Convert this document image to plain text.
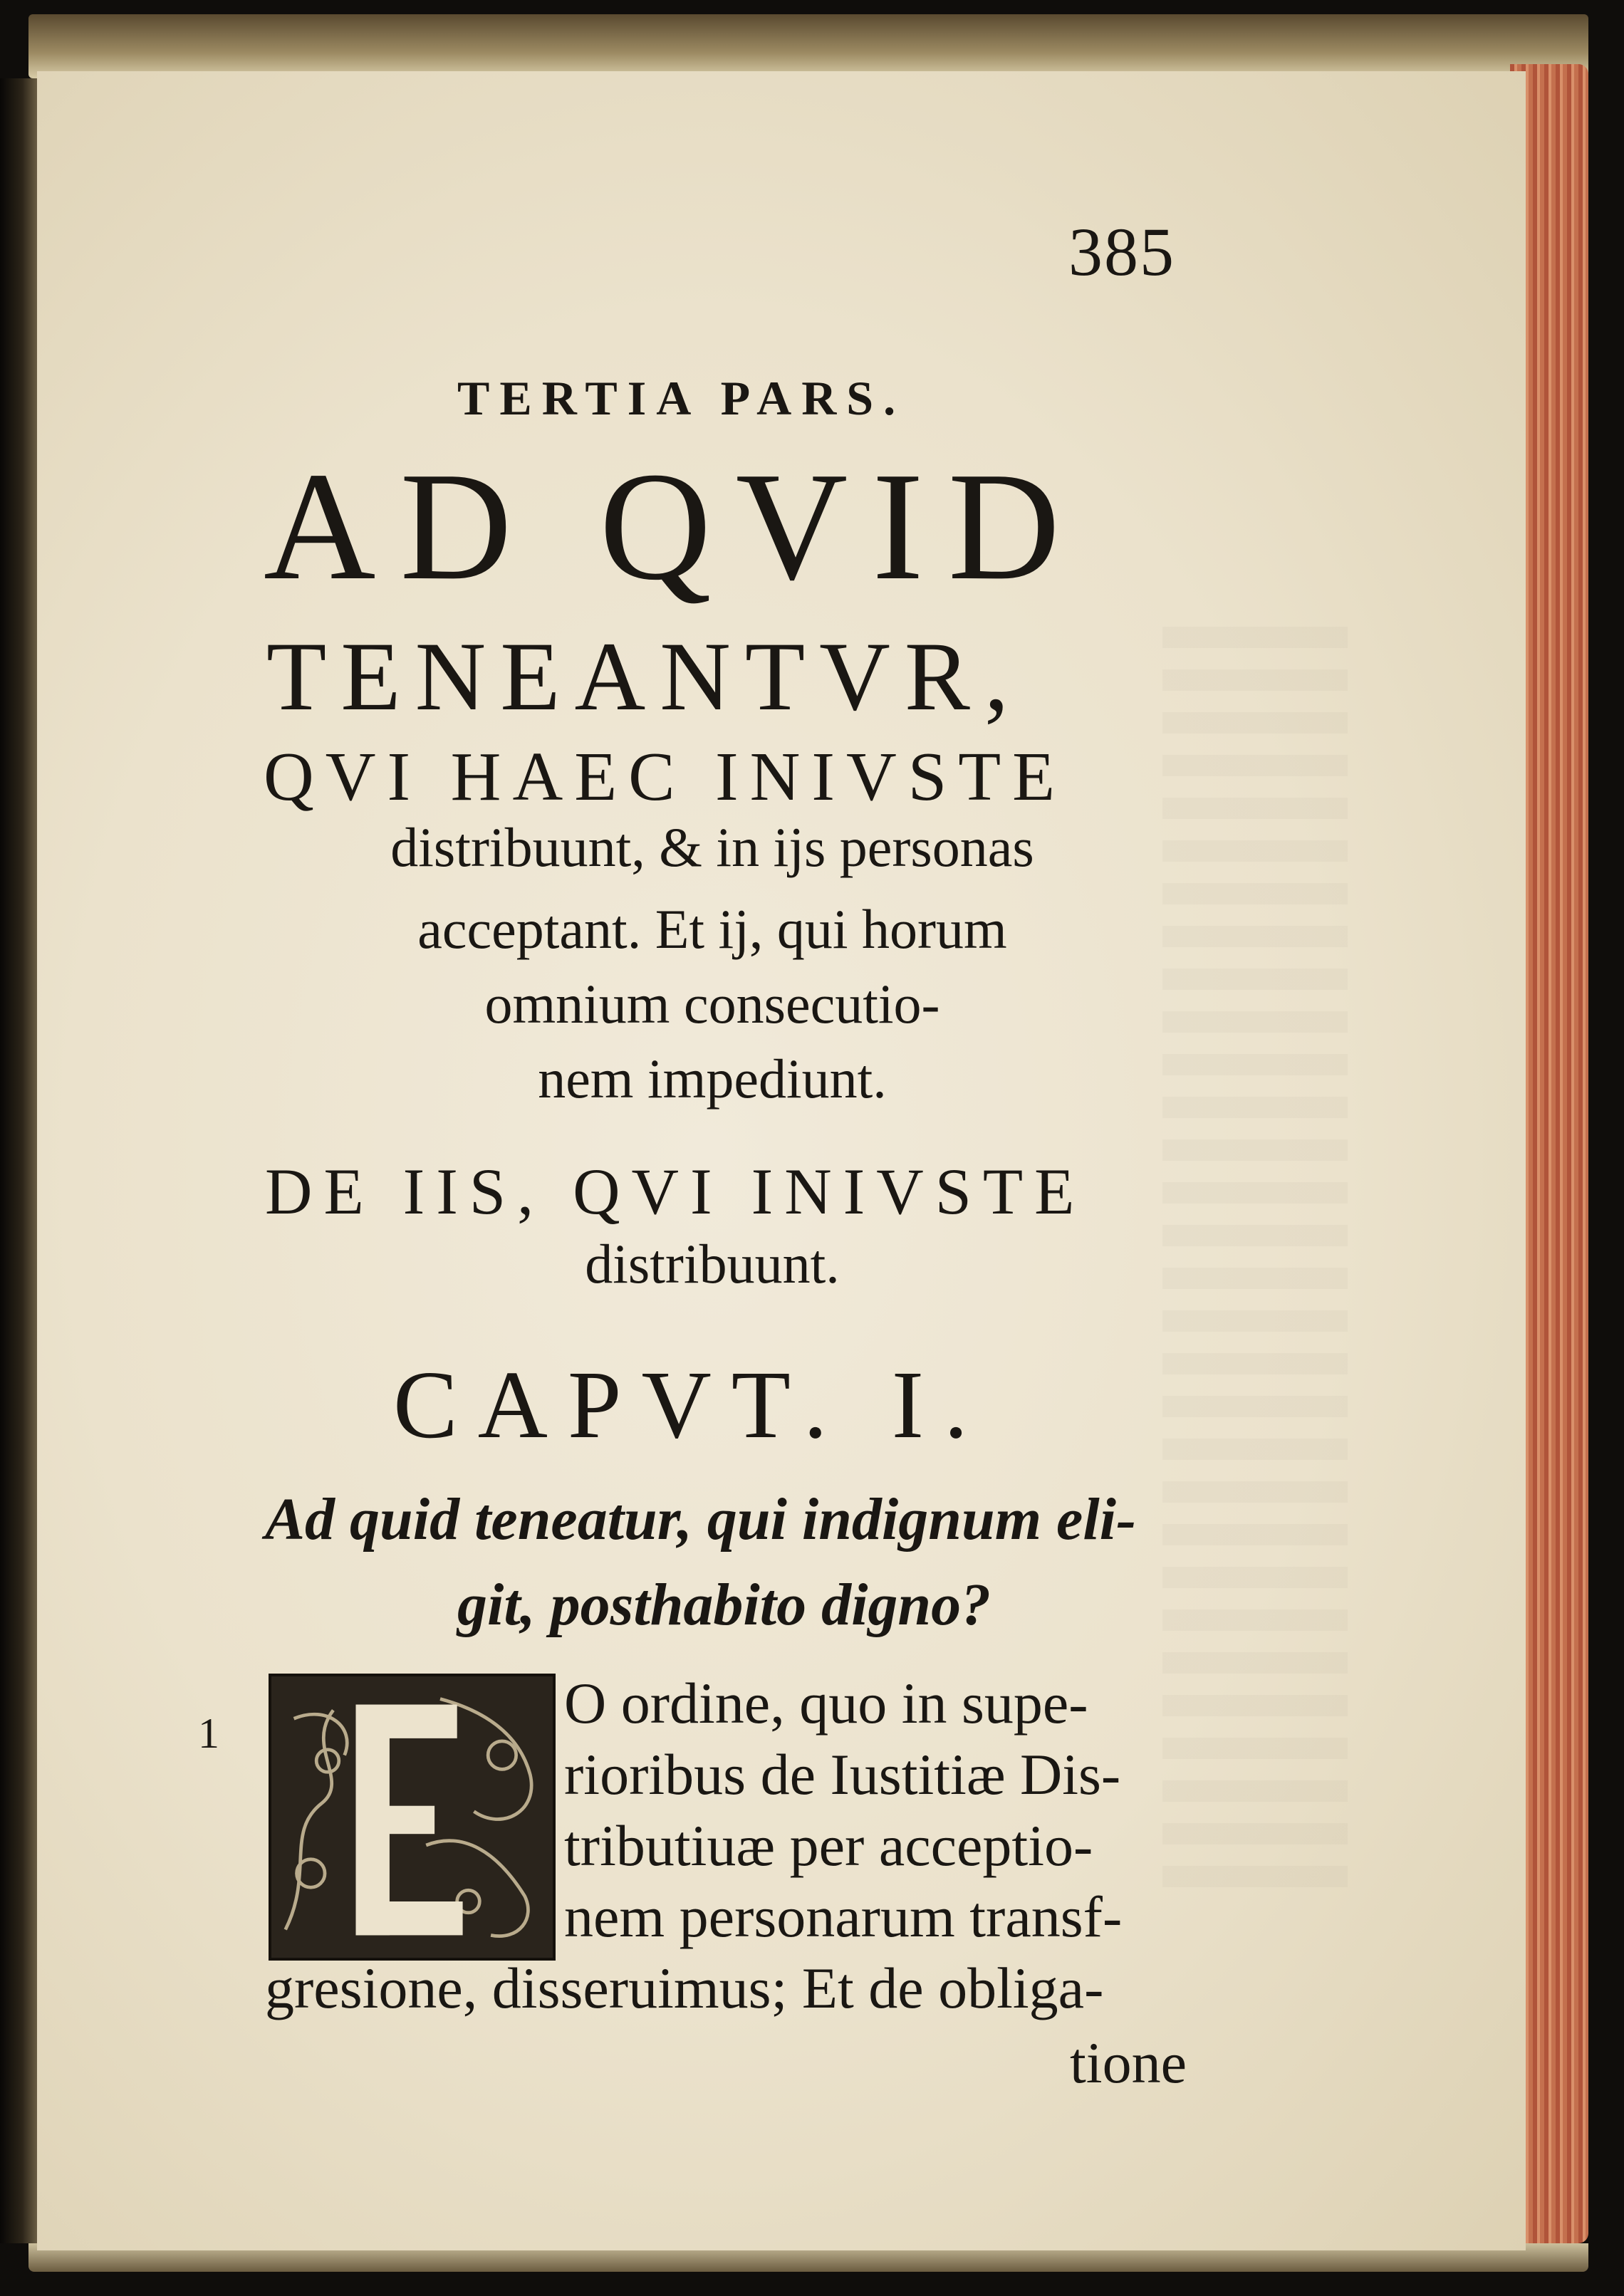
385
TERTIA PARS.
AD QVID
TENEANTVR,
QVI HAEC INIVSTE
distribuunt, & in ijs personas
acceptant. Et ij, qui horum
omnium consecutio-
nem impediunt.
DE IIS, QVI INIVSTE
distribuunt.
CAPVT. I.
Ad quid teneatur, qui indignum eli-
git, posthabito digno?
1	O ordine, quo in supe-
rioribus de Iustitiæ Dis-
tributiuæ per acceptio-
nem personarum transf-
gresione, disseruimus; Et de obliga-
tione
